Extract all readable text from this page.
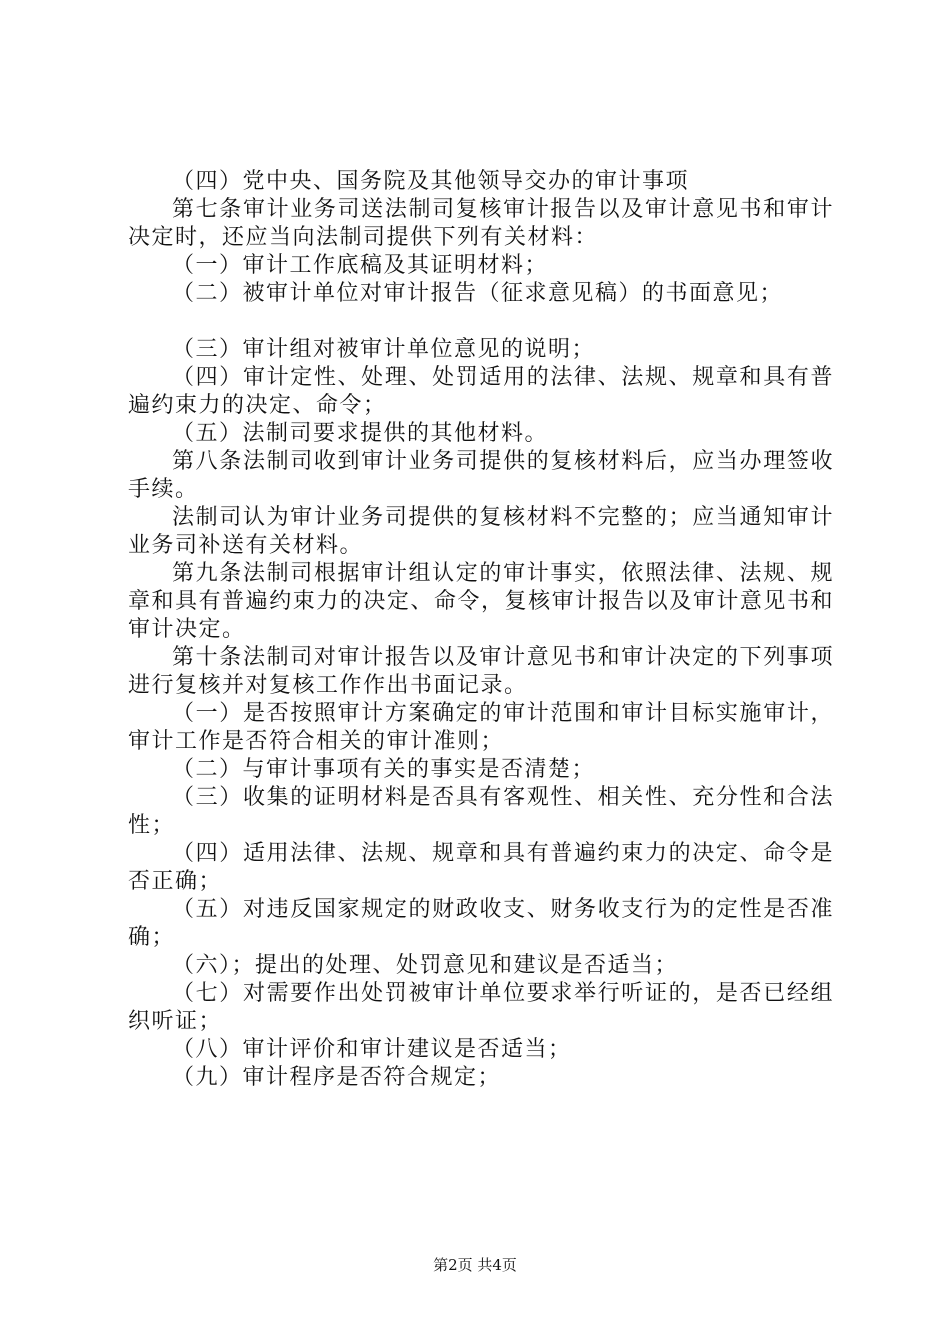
（四）党中央、国务院及其他领导交办的审计事项

第七条审计业务司送法制司复核审计报告以及审计意见书和审计决定时，还应当向法制司提供下列有关材料：

（一）审计工作底稿及其证明材料；

（二）被审计单位对审计报告（征求意见稿）的书面意见；

（三）审计组对被审计单位意见的说明；

（四）审计定性、处理、处罚适用的法律、法规、规章和具有普遍约束力的决定、命令；

（五）法制司要求提供的其他材料。

第八条法制司收到审计业务司提供的复核材料后，应当办理签收手续。

法制司认为审计业务司提供的复核材料不完整的；应当通知审计业务司补送有关材料。

第九条法制司根据审计组认定的审计事实，依照法律、法规、规章和具有普遍约束力的决定、命令，复核审计报告以及审计意见书和审计决定。

第十条法制司对审计报告以及审计意见书和审计决定的下列事项进行复核并对复核工作作出书面记录。

（一）是否按照审计方案确定的审计范围和审计目标实施审计，审计工作是否符合相关的审计准则；

（二）与审计事项有关的事实是否清楚；

（三）收集的证明材料是否具有客观性、相关性、充分性和合法性；

（四）适用法律、法规、规章和具有普遍约束力的决定、命令是否正确；

（五）对违反国家规定的财政收支、财务收支行为的定性是否准确；

（六）；提出的处理、处罚意见和建议是否适当；

（七）对需要作出处罚被审计单位要求举行听证的，是否已经组织听证；

（八）审计评价和审计建议是否适当；

（九）审计程序是否符合规定；

第2页 共4页
